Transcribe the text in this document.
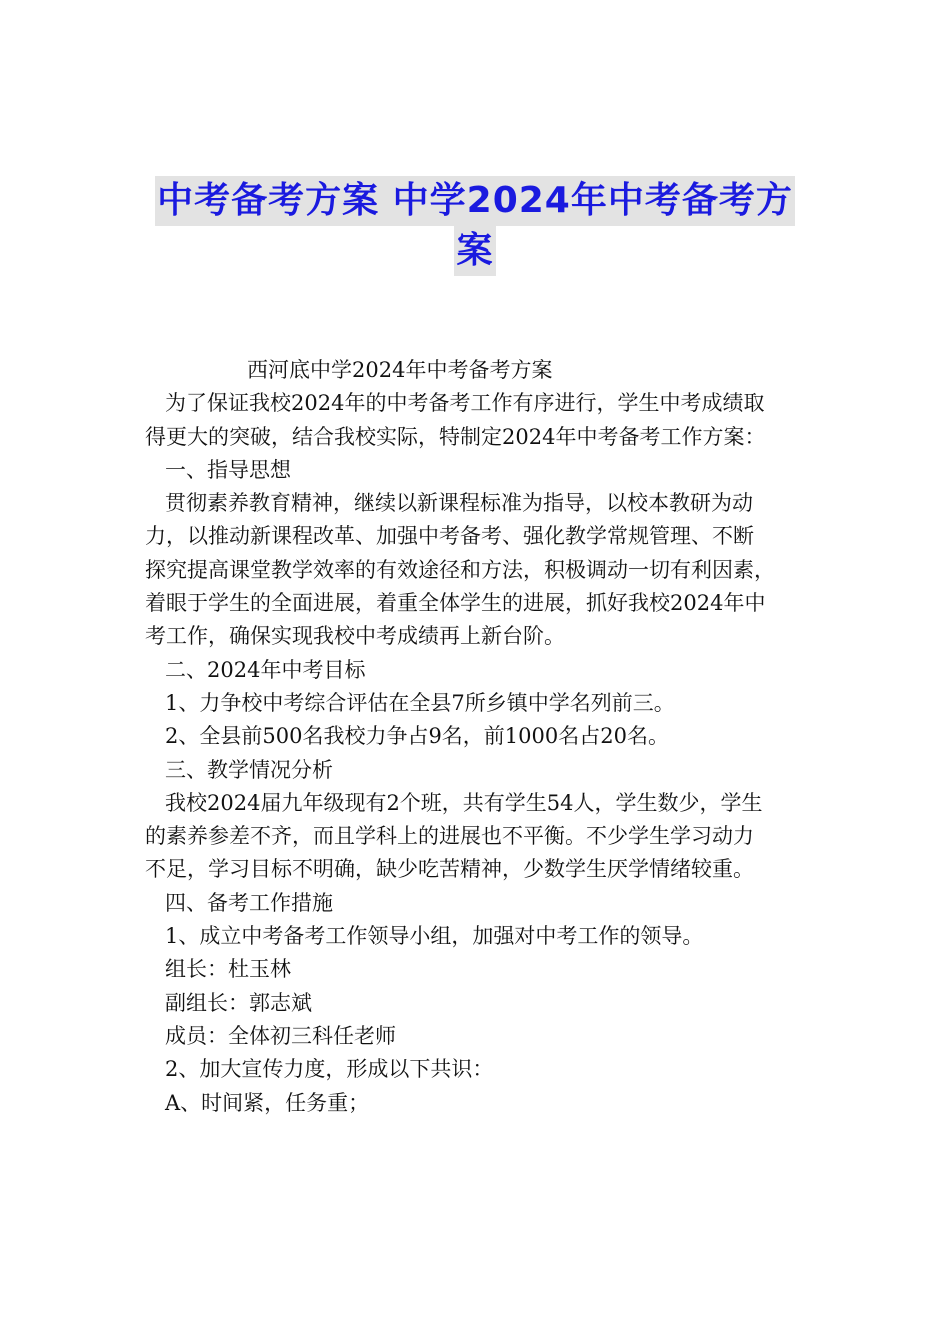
中考备考方案 中学2024年中考备考方
案

西河底中学2024年中考备考方案

为了保证我校2024年的中考备考工作有序进行，学生中考成绩取

得更大的突破，结合我校实际，特制定2024年中考备考工作方案：

一、指导思想

贯彻素养教育精神，继续以新课程标准为指导，以校本教研为动

力，以推动新课程改革、加强中考备考、强化教学常规管理、不断

探究提高课堂教学效率的有效途径和方法，积极调动一切有利因素，

着眼于学生的全面进展，着重全体学生的进展，抓好我校2024年中

考工作，确保实现我校中考成绩再上新台阶。

二、2024年中考目标

1、力争校中考综合评估在全县7所乡镇中学名列前三。

2、全县前500名我校力争占9名，前1000名占20名。

三、教学情况分析

我校2024届九年级现有2个班，共有学生54人，学生数少，学生

的素养参差不齐，而且学科上的进展也不平衡。不少学生学习动力

不足，学习目标不明确，缺少吃苦精神，少数学生厌学情绪较重。

四、备考工作措施

1、成立中考备考工作领导小组，加强对中考工作的领导。

组长：杜玉林

副组长：郭志斌

成员：全体初三科任老师

2、加大宣传力度，形成以下共识：

A、时间紧，任务重；
